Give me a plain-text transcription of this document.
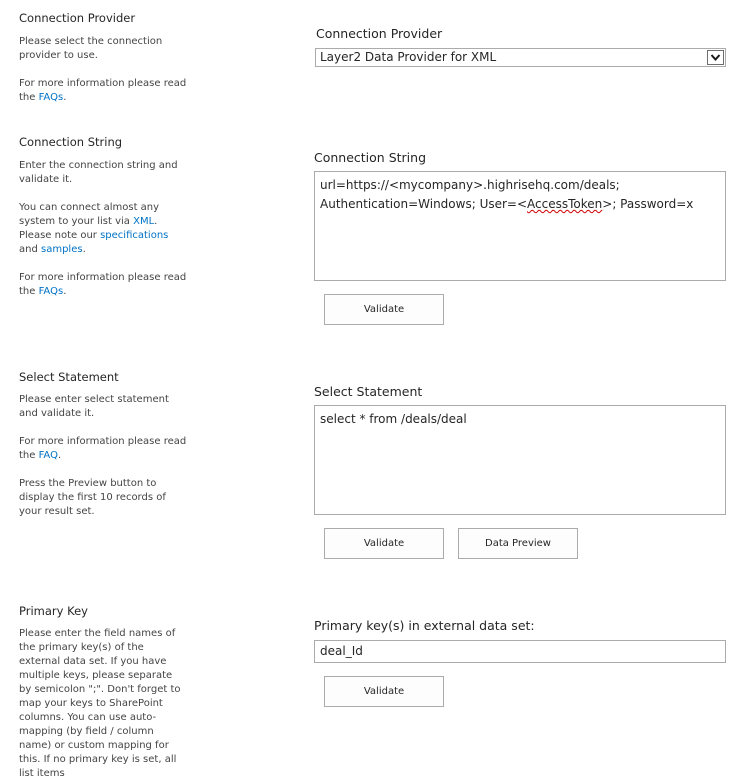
Connection Provider

Please select the connection provider to use.

For more information please read the FAQs.

Connection Provider
Layer2 Data Provider for XML
Connection String

Enter the connection string and validate it.

You can connect almost any system to your list via XML. Please note our specifications and samples.

For more information please read the FAQs.

Connection String
url=https://<mycompany>.highrisehq.com/deals;
Authentication=Windows; User=<AccessToken>; Password=x
Validate
Select Statement

Please enter select statement and validate it.

For more information please read the FAQ.

Press the Preview button to display the first 10 records of your result set.

Select Statement
select * from /deals/deal
Validate	Data Preview
Primary Key

Please enter the field names of the primary key(s) of the external data set. If you have multiple keys, please separate by semicolon ";". Don't forget to map your keys to SharePoint columns. You can use auto-mapping (by field / column name) or custom mapping for this. If no primary key is set, all list items

Primary key(s) in external data set:
deal_Id
Validate
